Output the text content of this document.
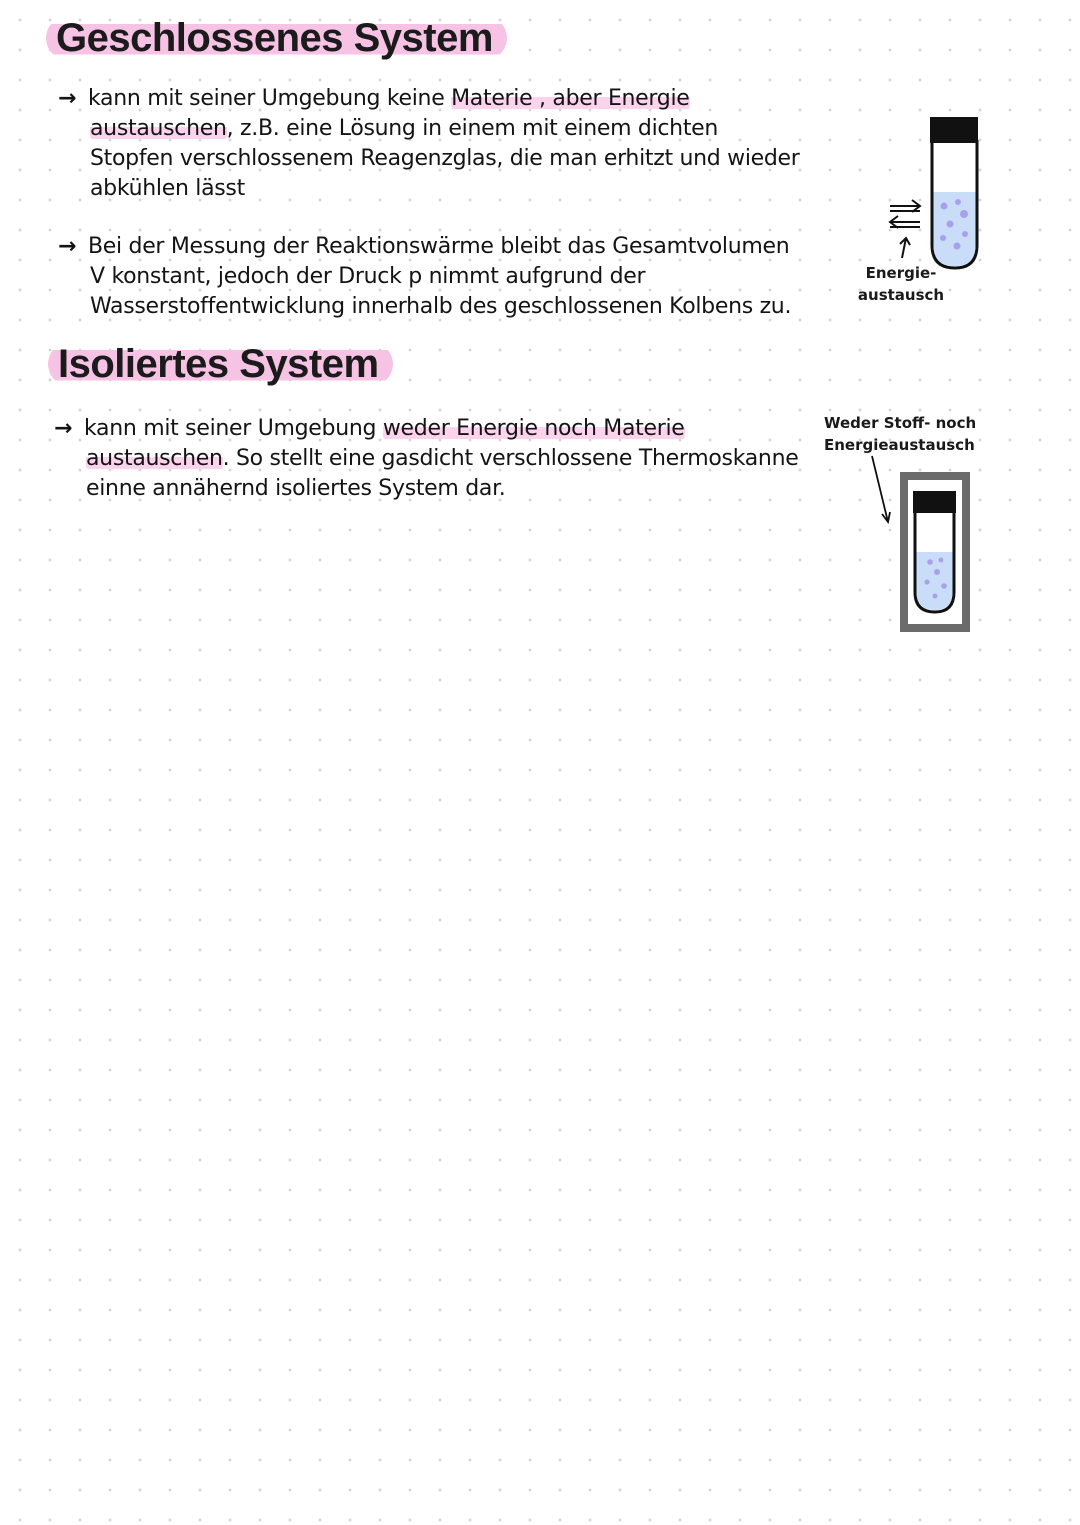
Geschlossenes System
→ kann mit seiner Umgebung keine Materie , aber Energie
austauschen, z.B. eine Lösung in einem mit einem dichten
Stopfen verschlossenem Reagenzglas, die man erhitzt und wieder
abkühlen lässt
→ Bei der Messung der Reaktionswärme bleibt das Gesamtvolumen
V konstant, jedoch der Druck p nimmt aufgrund der
Wasserstoffentwicklung innerhalb des geschlossenen Kolbens zu.
Energie-
austausch
Isoliertes System
→ kann mit seiner Umgebung weder Energie noch Materie
austauschen. So stellt eine gasdicht verschlossene Thermoskanne
einne annähernd isoliertes System dar.
Weder Stoff- noch
Energieaustausch
